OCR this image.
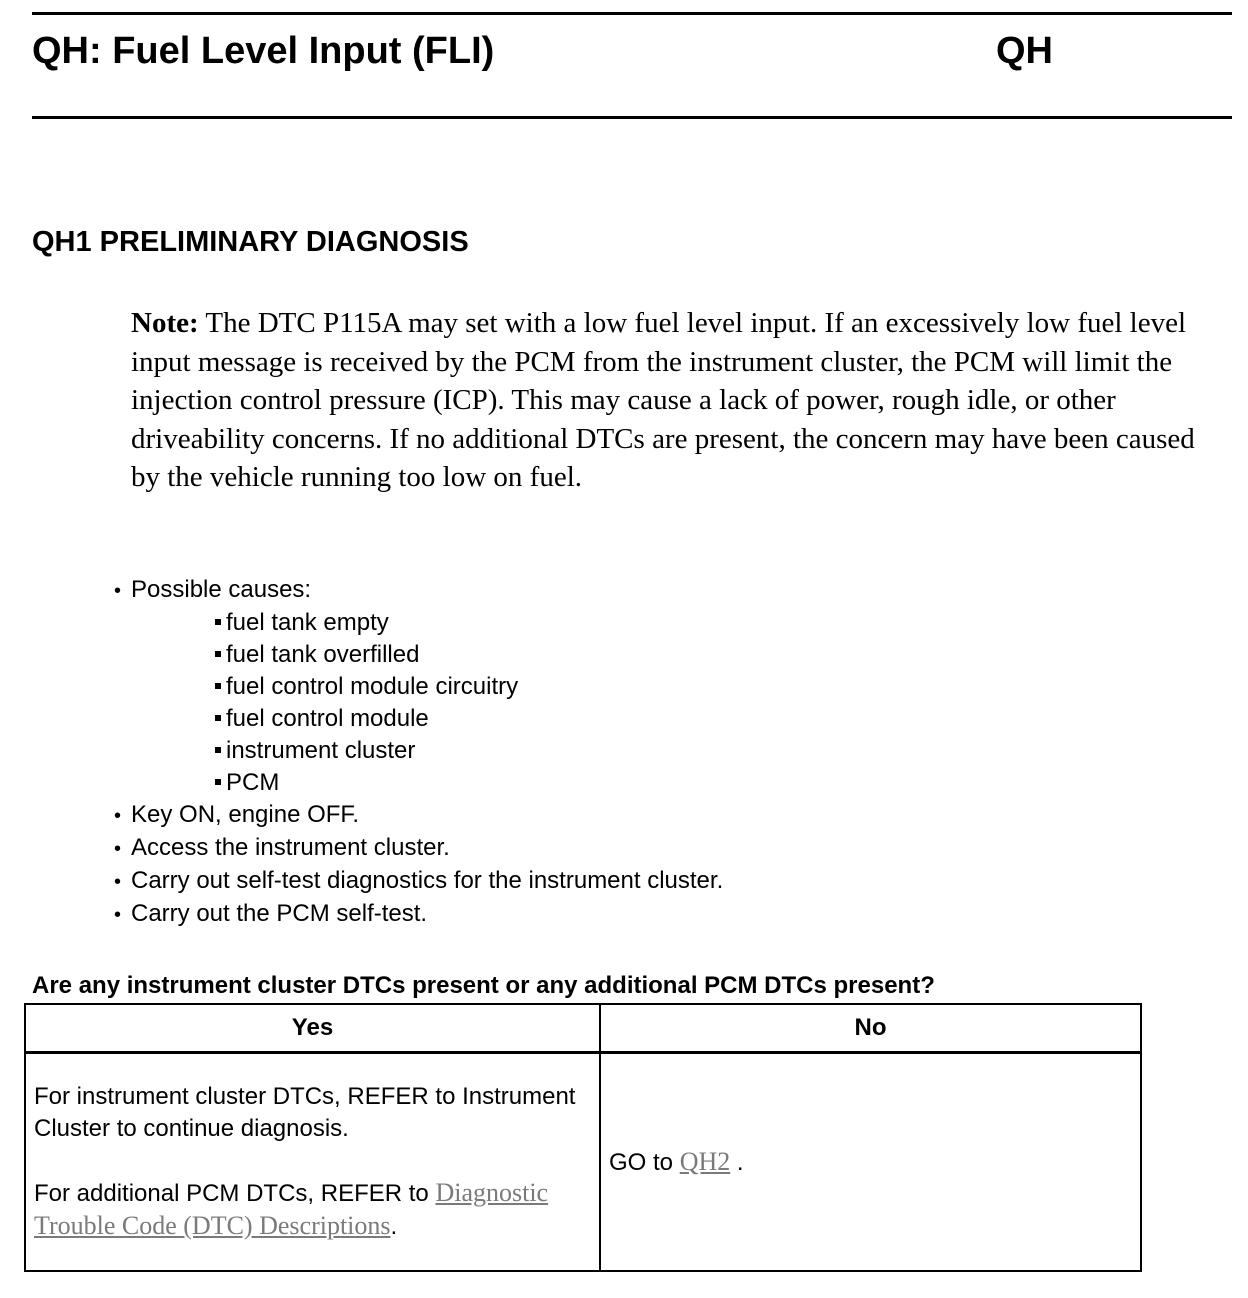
QH: Fuel Level Input (FLI)	QH
QH1 PRELIMINARY DIAGNOSIS
Note: The DTC P115A may set with a low fuel level input. If an excessively low fuel level input message is received by the PCM from the instrument cluster, the PCM will limit the injection control pressure (ICP). This may cause a lack of power, rough idle, or other driveability concerns. If no additional DTCs are present, the concern may have been caused by the vehicle running too low on fuel.
• Possible causes:
fuel tank empty
fuel tank overfilled
fuel control module circuitry
fuel control module
instrument cluster
PCM
• Key ON, engine OFF.
• Access the instrument cluster.
• Carry out self-test diagnostics for the instrument cluster.
• Carry out the PCM self-test.
Are any instrument cluster DTCs present or any additional PCM DTCs present?
Yes	No

For instrument cluster DTCs, REFER to Instrument Cluster to continue diagnosis.
For additional PCM DTCs, REFER to Diagnostic Trouble Code (DTC) Descriptions.	GO to QH2 .
